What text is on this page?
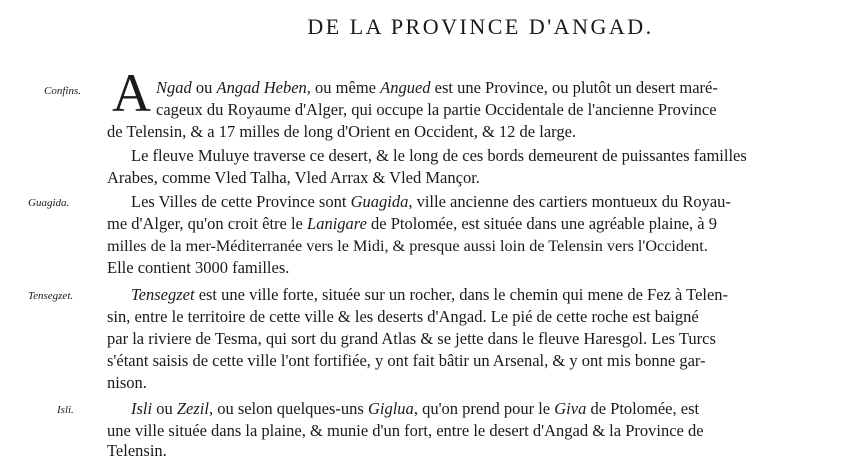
DE LA PROVINCE D'ANGAD.
Confins.
Guagida.
Tensegzet.
Isli.
A Ngad ou Angad Heben, ou même Angued est une Province, ou plutôt un desert maré-
cageux du Royaume d'Alger, qui occupe la partie Occidentale de l'ancienne Province
de Telensin, & a 17 milles de long d'Orient en Occident, & 12 de large.
Le fleuve Muluye traverse ce desert, & le long de ces bords demeurent de puissantes familles
Arabes, comme Vled Talha, Vled Arrax & Vled Mançor.
Les Villes de cette Province sont Guagida, ville ancienne des cartiers montueux du Royau-
me d'Alger, qu'on croit être le Lanigare de Ptolomée, est située dans une agréable plaine, à 9
milles de la mer-Méditerranée vers le Midi, & presque aussi loin de Telensin vers l'Occident.
Elle contient 3000 familles.
Tensegzet est une ville forte, située sur un rocher, dans le chemin qui mene de Fez à Telen-
sin, entre le territoire de cette ville & les deserts d'Angad. Le pié de cette roche est baigné
par la riviere de Tesma, qui sort du grand Atlas & se jette dans le fleuve Haresgol. Les Turcs
s'étant saisis de cette ville l'ont fortifiée, y ont fait bâtir un Arsenal, & y ont mis bonne gar-
nison.
Isli ou Zezil, ou selon quelques-uns Giglua, qu'on prend pour le Giva de Ptolomée, est
une ville située dans la plaine, & munie d'un fort, entre le desert d'Angad & la Province de
Telensin.
